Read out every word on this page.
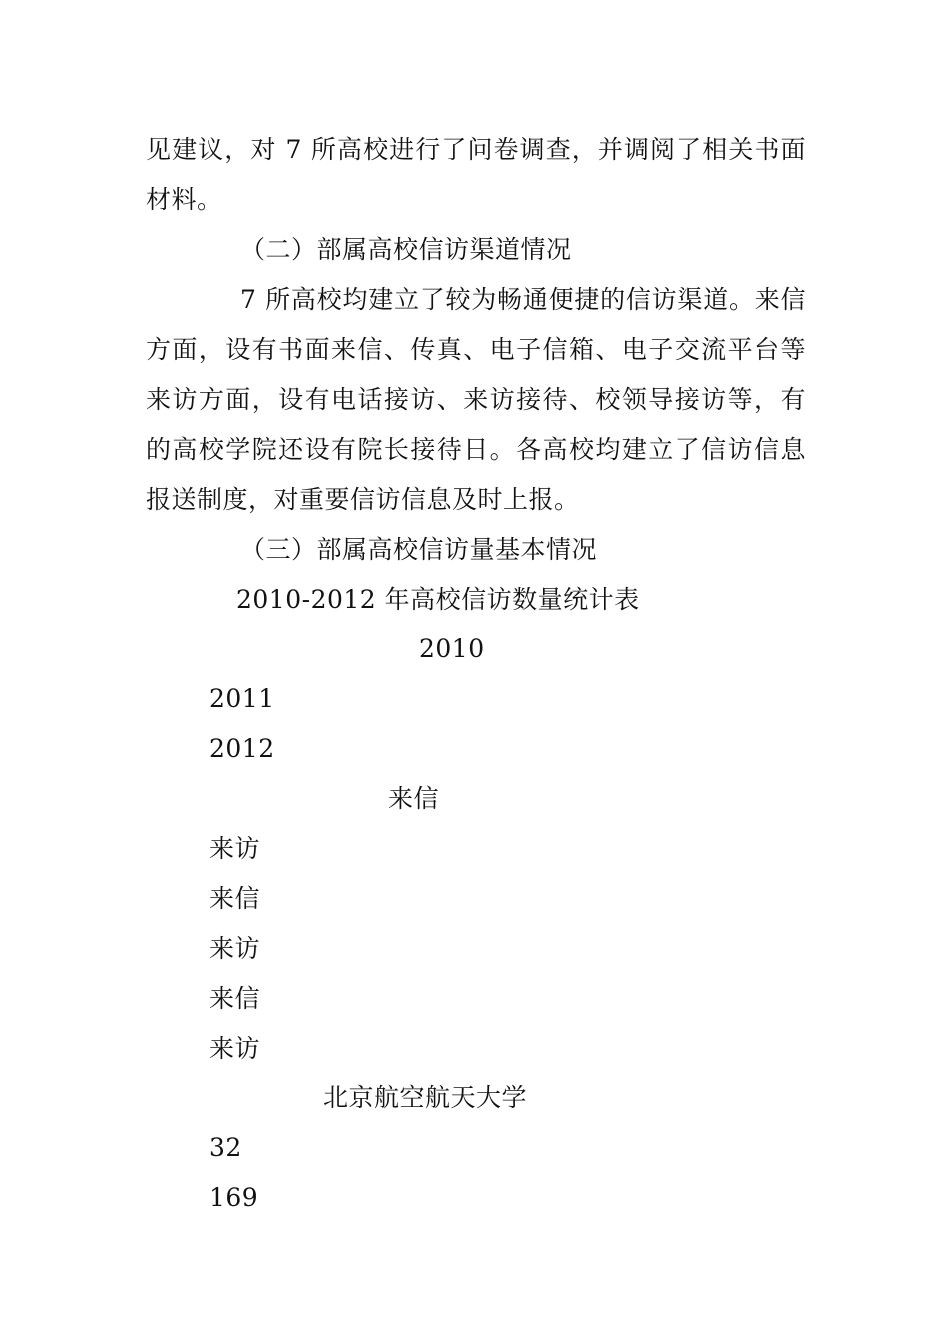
见建议，对 7 所高校进行了问卷调查，并调阅了相关书面
材料。
（二）部属高校信访渠道情况
7 所高校均建立了较为畅通便捷的信访渠道。来信
方面，设有书面来信、传真、电子信箱、电子交流平台等
来访方面，设有电话接访、来访接待、校领导接访等，有
的高校学院还设有院长接待日。各高校均建立了信访信息
报送制度，对重要信访信息及时上报。
（三）部属高校信访量基本情况
2010-2012 年高校信访数量统计表
2010
2011
2012
来信
来访
来信
来访
来信
来访
北京航空航天大学
32
169
